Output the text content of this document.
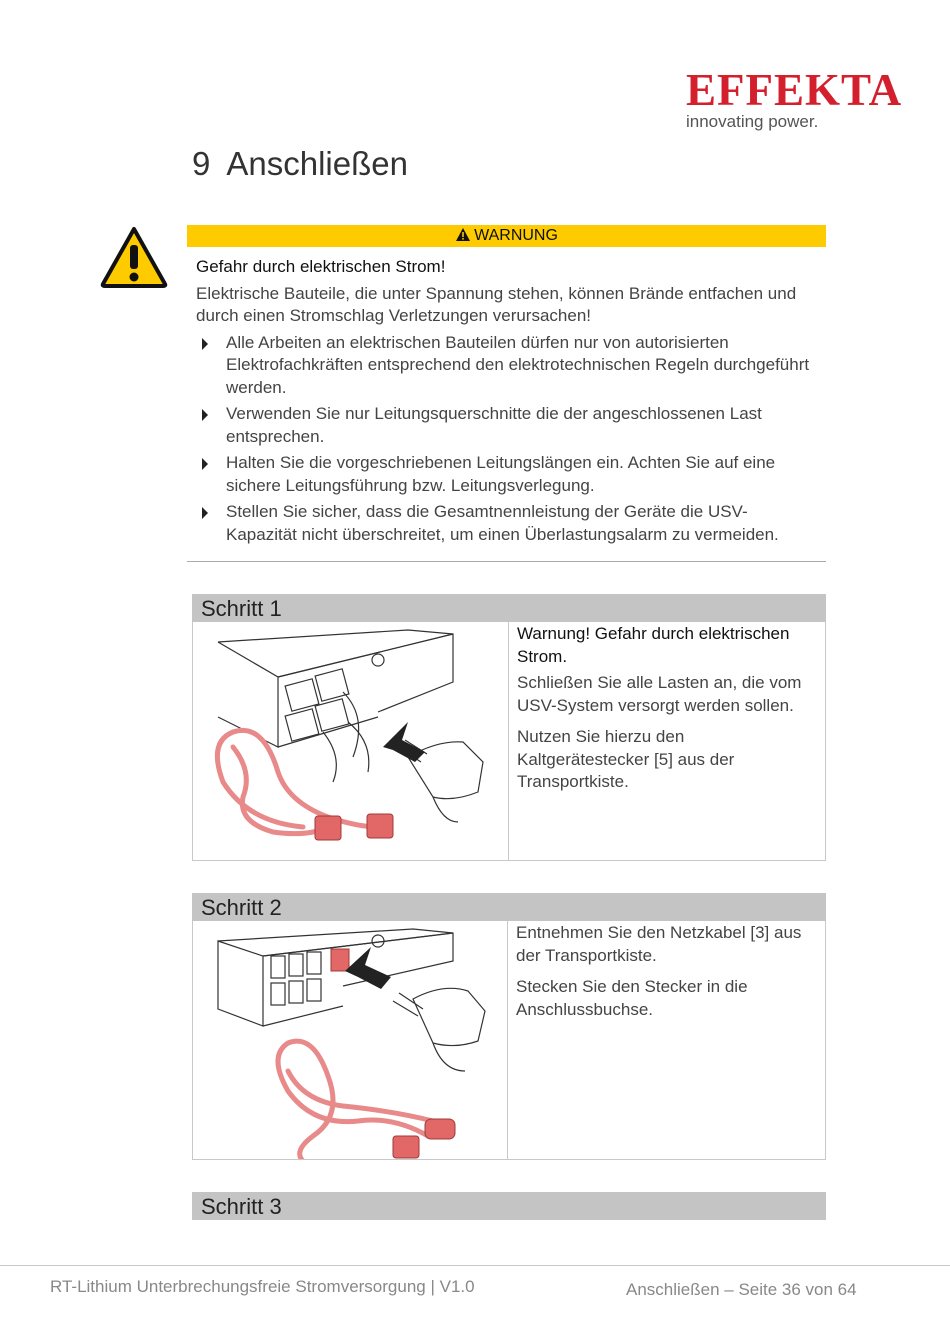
EFFEKTA
innovating power.
9 Anschließen
WARNUNG

Gefahr durch elektrischen Strom!

Elektrische Bauteile, die unter Spannung stehen, können Brände entfachen und durch einen Stromschlag Verletzungen verursachen!

Alle Arbeiten an elektrischen Bauteilen dürfen nur von autorisierten Elektrofachkräften entsprechend den elektrotechnischen Regeln durchgeführt werden.
Verwenden Sie nur Leitungsquerschnitte die der angeschlossenen Last entsprechen.
Halten Sie die vorgeschriebenen Leitungslängen ein. Achten Sie auf eine sichere Leitungsführung bzw. Leitungsverlegung.
Stellen Sie sicher, dass die Gesamtnennleistung der Geräte die USV-Kapazität nicht überschreitet, um einen Überlastungsalarm zu vermeiden.
Schritt 1

Warnung! Gefahr durch elektrischen Strom.

Schließen Sie alle Lasten an, die vom USV-System versorgt werden sollen.

Nutzen Sie hierzu den Kaltgerätestecker [5] aus der Transportkiste.

Schritt 2

Entnehmen Sie den Netzkabel [3] aus der Transportkiste.

Stecken Sie den Stecker in die Anschlussbuchse.

Schritt 3
RT-Lithium Unterbrechungsfreie Stromversorgung | V1.0	Anschließen – Seite 36 von 64
